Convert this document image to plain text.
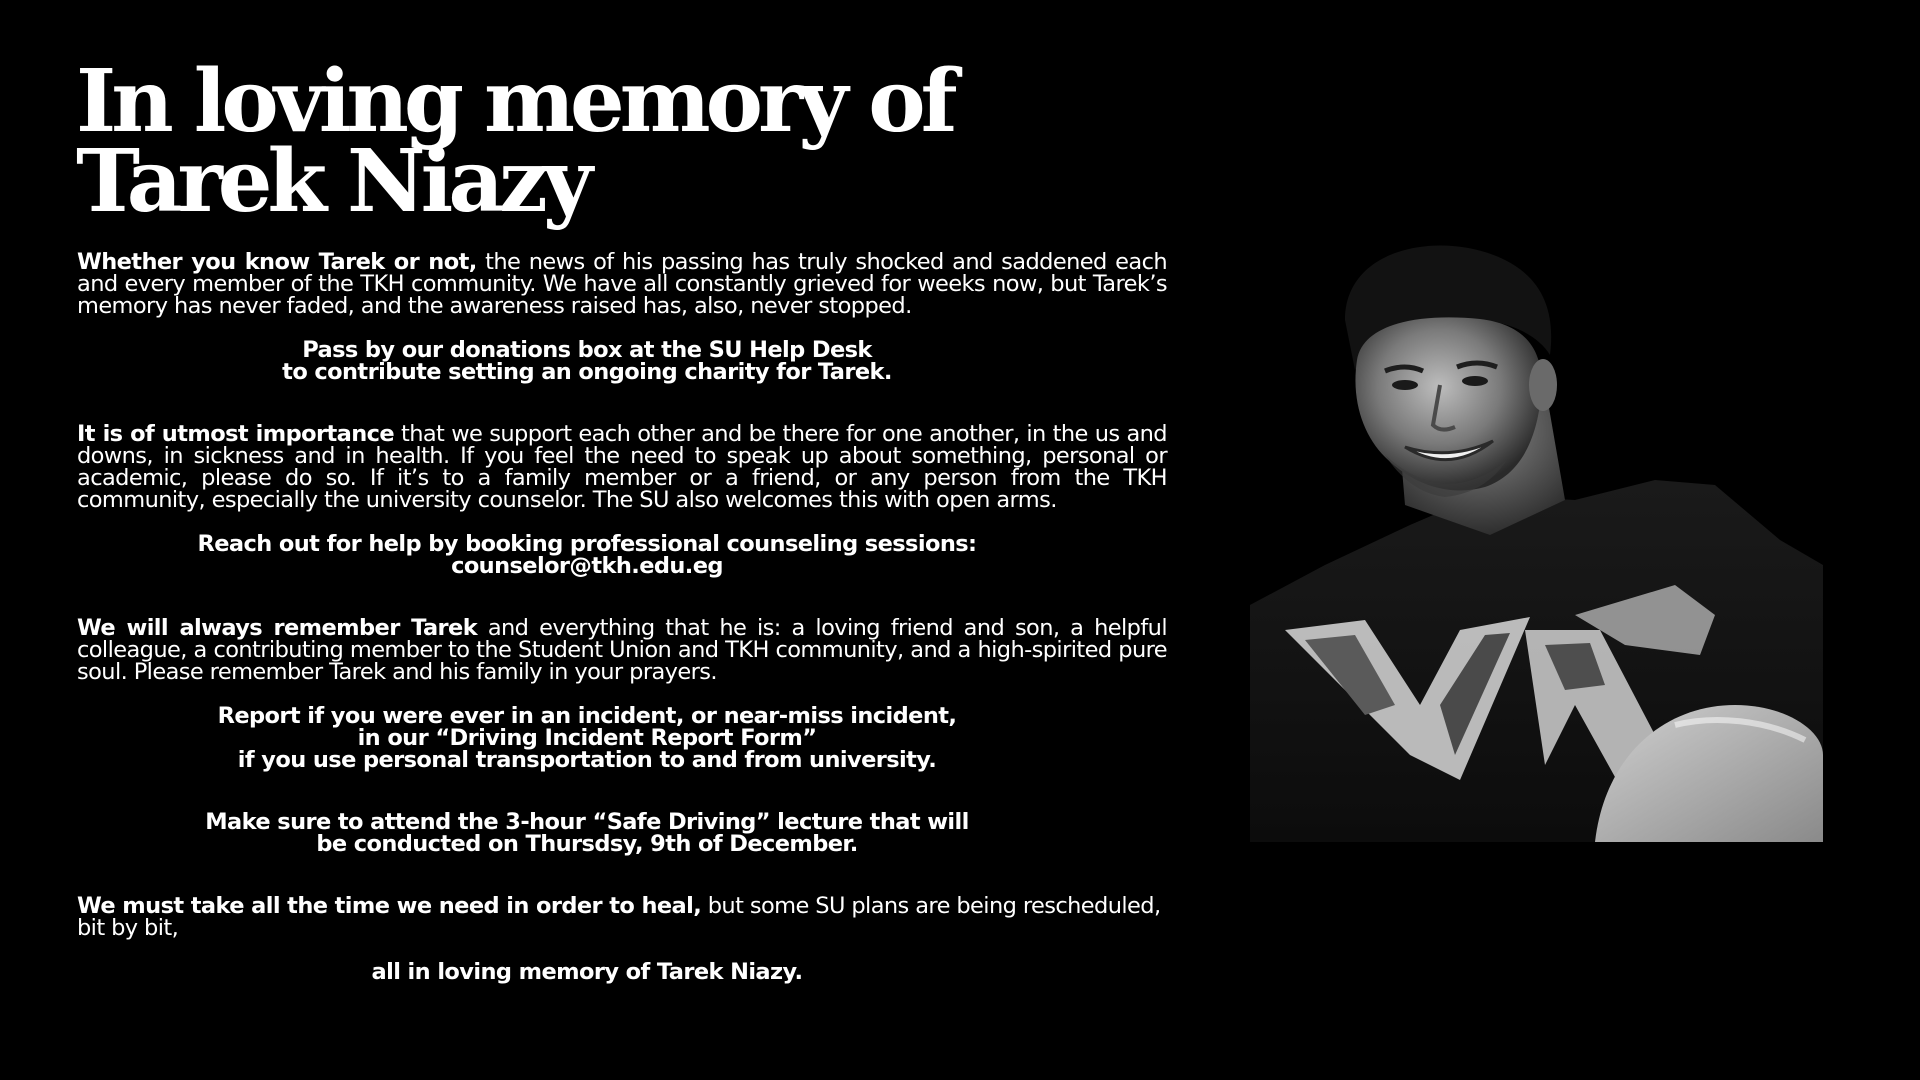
In loving memory of
Tarek Niazy

Whether you know Tarek or not, the news of his passing has truly shocked and saddened each and every member of the TKH community. We have all constantly grieved for weeks now, but Tarek’s memory has never faded, and the awareness raised has, also, never stopped.

Pass by our donations box at the SU Help Desk
to contribute setting an ongoing charity for Tarek.

It is of utmost importance that we support each other and be there for one another, in the us and downs, in sickness and in health. If you feel the need to speak up about something, personal or academic, please do so. If it’s to a family member or a friend, or any person from the TKH community, especially the university counselor. The SU also welcomes this with open arms.

Reach out for help by booking professional counseling sessions:
counselor@tkh.edu.eg

We will always remember Tarek and everything that he is: a loving friend and son, a helpful colleague, a contributing member to the Student Union and TKH community, and a high-spirited pure soul. Please remember Tarek and his family in your prayers.

Report if you were ever in an incident, or near-miss incident,
in our “Driving Incident Report Form”
if you use personal transportation to and from university.

Make sure to attend the 3-hour “Safe Driving” lecture that will
be conducted on Thursdsy, 9th of December.

We must take all the time we need in order to heal, but some SU plans are being rescheduled, bit by bit,

all in loving memory of Tarek Niazy.
